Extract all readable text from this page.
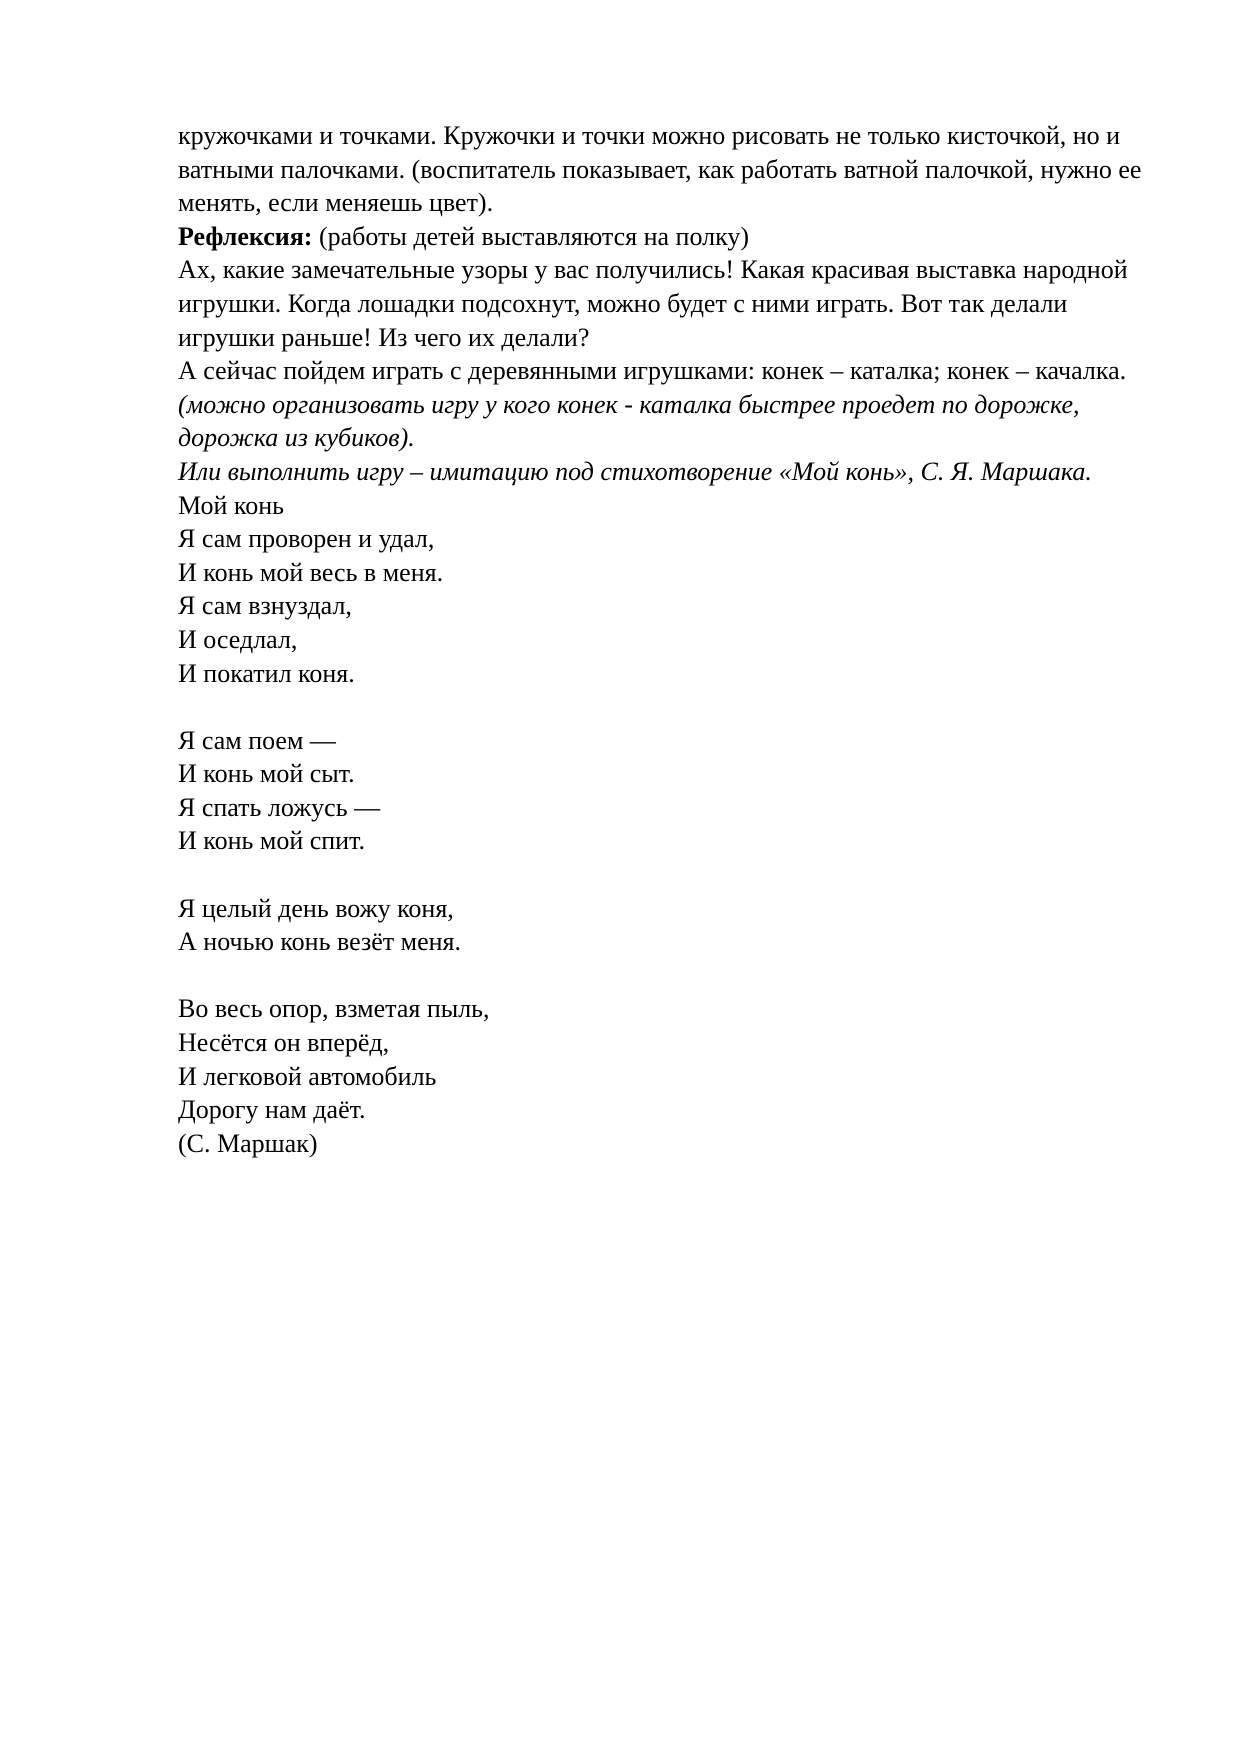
кружочками и точками. Кружочки и точки можно рисовать не только кисточкой, но и ватными палочками. (воспитатель показывает, как работать ватной палочкой, нужно ее менять, если меняешь цвет).

Рефлексия: (работы детей выставляются на полку)

Ах, какие замечательные узоры у вас получились! Какая красивая выставка народной игрушки. Когда лошадки подсохнут, можно будет с ними играть. Вот так делали игрушки раньше! Из чего их делали?

А сейчас пойдем играть с деревянными игрушками: конек – каталка; конек – качалка. (можно организовать игру у кого конек - каталка быстрее проедет по дорожке, дорожка из кубиков).

Или выполнить игру – имитацию под стихотворение «Мой конь», С. Я. Маршака.

Мой конь
Я сам проворен и удал,
И конь мой весь в меня.
Я сам взнуздал,
И оседлал,
И покатил коня.
Я сам поем —
И конь мой сыт.
Я спать ложусь —
И конь мой спит.
Я целый день вожу коня,
А ночью конь везёт меня.
Во весь опор, взметая пыль,
Несётся он вперёд,
И легковой автомобиль
Дорогу нам даёт.
(С. Маршак)
